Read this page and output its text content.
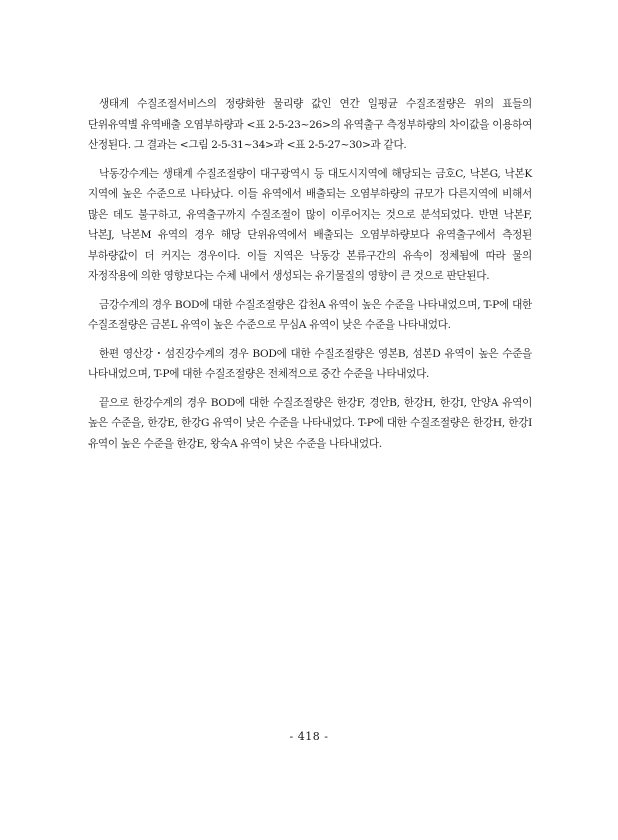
생태계 수질조절서비스의 정량화한 물리량 값인 연간 일평균 수질조절량은 위의 표들의 단위유역별 유역배출 오염부하량과 <표 2-5-23~26>의 유역출구 측정부하량의 차이값을 이용하여 산정된다. 그 결과는 <그림 2-5-31~34>과 <표 2-5-27~30>과 같다.

낙동강수계는 생태계 수질조절량이 대구광역시 등 대도시지역에 해당되는 금호C, 낙본G, 낙본K 지역에 높은 수준으로 나타났다. 이들 유역에서 배출되는 오염부하량의 규모가 다른지역에 비해서 많은 데도 불구하고, 유역출구까지 수질조절이 많이 이루어지는 것으로 분석되었다. 반면 낙본F, 낙본J, 낙본M 유역의 경우 해당 단위유역에서 배출되는 오염부하량보다 유역출구에서 측정된 부하량값이 더 커지는 경우이다. 이들 지역은 낙동강 본류구간의 유속이 정체됨에 따라 물의 자정작용에 의한 영향보다는 수체 내에서 생성되는 유기물질의 영향이 큰 것으로 판단된다.

금강수계의 경우 BOD에 대한 수질조절량은 갑천A 유역이 높은 수준을 나타내었으며, T-P에 대한 수질조절량은 금본L 유역이 높은 수준으로 무심A 유역이 낮은 수준을 나타내었다.

한편 영산강・섬진강수계의 경우 BOD에 대한 수질조절량은 영본B, 섬본D 유역이 높은 수준을 나타내었으며, T-P에 대한 수질조절량은 전체적으로 중간 수준을 나타내었다.

끝으로 한강수계의 경우 BOD에 대한 수질조절량은 한강F, 경안B, 한강H, 한강I, 안양A 유역이 높은 수준을, 한강E, 한강G 유역이 낮은 수준을 나타내었다. T-P에 대한 수질조절량은 한강H, 한강I 유역이 높은 수준을 한강E, 왕숙A 유역이 낮은 수준을 나타내었다.

- 418 -
